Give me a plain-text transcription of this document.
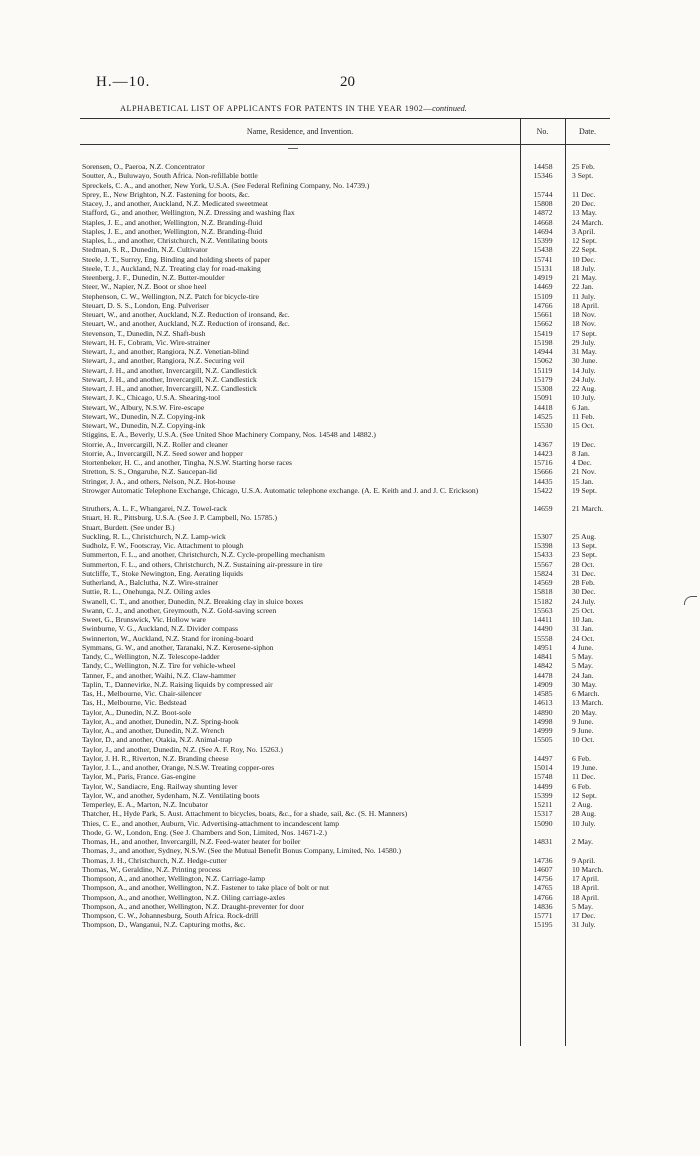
H.—10.	20
ALPHABETICAL LIST OF APPLICANTS FOR PATENTS IN THE YEAR 1902—continued.
Name, Residence, and Invention.	No.	Date.
Sorensen, O., Paeroa, N.Z. Concentrator	14458	25 Feb.
Soutter, A., Buluwayo, South Africa. Non-refillable bottle	15346	3 Sept.
Spreckels, C. A., and another, New York, U.S.A. (See Federal Refining Company, No. 14739.)
Sprey, E., New Brighton, N.Z. Fastening for boots, &c.	15744	11 Dec.
Stacey, J., and another, Auckland, N.Z. Medicated sweetmeat	15808	20 Dec.
Stafford, G., and another, Wellington, N.Z. Dressing and washing flax	14872	13 May.
Staples, J. E., and another, Wellington, N.Z. Branding-fluid	14668	24 March.
Staples, J. E., and another, Wellington, N.Z. Branding-fluid	14694	3 April.
Staples, L., and another, Christchurch, N.Z. Ventilating boots	15399	12 Sept.
Stedman, S. R., Dunedin, N.Z. Cultivator	15438	22 Sept.
Steele, J. T., Surrey, Eng. Binding and holding sheets of paper	15741	10 Dec.
Steele, T. J., Auckland, N.Z. Treating clay for road-making	15131	18 July.
Steenberg, J. F., Dunedin, N.Z. Butter-moulder	14919	21 May.
Steer, W., Napier, N.Z. Boot or shoe heel	14469	22 Jan.
Stephenson, C. W., Wellington, N.Z. Patch for bicycle-tire	15109	11 July.
Steuart, D. S. S., London, Eng. Pulveriser	14766	18 April.
Steuart, W., and another, Auckland, N.Z. Reduction of ironsand, &c.	15661	18 Nov.
Steuart, W., and another, Auckland, N.Z. Reduction of ironsand, &c.	15662	18 Nov.
Stevenson, T., Dunedin, N.Z. Shaft-bush	15419	17 Sept.
Stewart, H. F., Cobram, Vic. Wire-strainer	15198	29 July.
Stewart, J., and another, Rangiora, N.Z. Venetian-blind	14944	31 May.
Stewart, J., and another, Rangiora, N.Z. Securing veil	15062	30 June.
Stewart, J. H., and another, Invercargill, N.Z. Candlestick	15119	14 July.
Stewart, J. H., and another, Invercargill, N.Z. Candlestick	15179	24 July.
Stewart, J. H., and another, Invercargill, N.Z. Candlestick	15308	22 Aug.
Stewart, J. K., Chicago, U.S.A. Shearing-tool	15091	10 July.
Stewart, W., Albury, N.S.W. Fire-escape	14418	6 Jan.
Stewart, W., Dunedin, N.Z. Copying-ink	14525	11 Feb.
Stewart, W., Dunedin, N.Z. Copying-ink	15530	15 Oct.
Stiggins, E. A., Beverly, U.S.A. (See United Shoe Machinery Company, Nos. 14548 and 14882.)
Storrie, A., Invercargill, N.Z. Roller and cleaner	14367	19 Dec.
Storrie, A., Invercargill, N.Z. Seed sower and hopper	14423	8 Jan.
Stortenbeker, H. C., and another, Tingha, N.S.W. Starting horse races	15716	4 Dec.
Stretton, S. S., Ongaruhe, N.Z. Saucepan-lid	15666	21 Nov.
Stringer, J. A., and others, Nelson, N.Z. Hot-house	14435	15 Jan.
Strowger Automatic Telephone Exchange, Chicago, U.S.A. Automatic telephone exchange. (A. E. Keith and J. and J. C. Erickson)	15422	19 Sept.
Struthers, A. L. F., Whangarei, N.Z. Towel-rack	14659	21 March.
Stuart, H. R., Pittsburg, U.S.A. (See J. P. Campbell, No. 15785.)
Stuart, Burdett. (See under B.)
Suckling, R. L., Christchurch, N.Z. Lamp-wick	15307	25 Aug.
Sudholz, F. W., Footscray, Vic. Attachment to plough	15398	13 Sept.
Summerton, F. L., and another, Christchurch, N.Z. Cycle-propelling mechanism	15433	23 Sept.
Summerton, F. L., and others, Christchurch, N.Z. Sustaining air-pressure in tire	15567	28 Oct.
Sutcliffe, T., Stoke Newington, Eng. Aerating liquids	15824	31 Dec.
Sutherland, A., Balclutha, N.Z. Wire-strainer	14569	28 Feb.
Suttie, R. L., Onehunga, N.Z. Oiling axles	15818	30 Dec.
Swanell, C. T., and another, Dunedin, N.Z. Breaking clay in sluice boxes	15182	24 July.
Swann, C. J., and another, Greymouth, N.Z. Gold-saving screen	15563	25 Oct.
Sweet, G., Brunswick, Vic. Hollow ware	14411	10 Jan.
Swinburne, V. G., Auckland, N.Z. Divider compass	14490	31 Jan.
Swinnerton, W., Auckland, N.Z. Stand for ironing-board	15558	24 Oct.
Symmans, G. W., and another, Taranaki, N.Z. Kerosene-siphon	14951	4 June.
Tandy, C., Wellington, N.Z. Telescope-ladder	14841	5 May.
Tandy, C., Wellington, N.Z. Tire for vehicle-wheel	14842	5 May.
Tanner, F., and another, Waihi, N.Z. Claw-hammer	14478	24 Jan.
Taplin, T., Dannevirke, N.Z. Raising liquids by compressed air	14909	30 May.
Tas, H., Melbourne, Vic. Chair-silencer	14585	6 March.
Tas, H., Melbourne, Vic. Bedstead	14613	13 March.
Taylor, A., Dunedin, N.Z. Boot-sole	14890	20 May.
Taylor, A., and another, Dunedin, N.Z. Spring-hook	14998	9 June.
Taylor, A., and another, Dunedin, N.Z. Wrench	14999	9 June.
Taylor, D., and another, Otakia, N.Z. Animal-trap	15505	10 Oct.
Taylor, J., and another, Dunedin, N.Z. (See A. F. Roy, No. 15263.)
Taylor, J. H. R., Riverton, N.Z. Branding cheese	14497	6 Feb.
Taylor, J. L., and another, Orange, N.S.W. Treating copper-ores	15014	19 June.
Taylor, M., Paris, France. Gas-engine	15748	11 Dec.
Taylor, W., Sandiacre, Eng. Railway shunting lever	14499	6 Feb.
Taylor, W., and another, Sydenham, N.Z. Ventilating boots	15399	12 Sept.
Temperley, E. A., Marton, N.Z. Incubator	15211	2 Aug.
Thatcher, H., Hyde Park, S. Aust. Attachment to bicycles, boats, &c., for a shade, sail, &c. (S. H. Manners)	15317	28 Aug.
Thies, C. E., and another, Auburn, Vic. Advertising-attachment to incandescent lamp	15090	10 July.
Thode, G. W., London, Eng. (See J. Chambers and Son, Limited, Nos. 14671-2.)
Thomas, H., and another, Invercargill, N.Z. Feed-water heater for boiler	14831	2 May.
Thomas, J., and another, Sydney, N.S.W. (See the Mutual Benefit Bonus Company, Limited, No. 14580.)
Thomas, J. H., Christchurch, N.Z. Hedge-cutter	14736	9 April.
Thomas, W., Geraldine, N.Z. Printing process	14607	10 March.
Thompson, A., and another, Wellington, N.Z. Carriage-lamp	14756	17 April.
Thompson, A., and another, Wellington, N.Z. Fastener to take place of bolt or nut	14765	18 April.
Thompson, A., and another, Wellington, N.Z. Oiling carriage-axles	14766	18 April.
Thompson, A., and another, Wellington, N.Z. Draught-preventer for door	14836	5 May.
Thompson, C. W., Johannesburg, South Africa. Rock-drill	15771	17 Dec.
Thompson, D., Wanganui, N.Z. Capturing moths, &c.	15195	31 July.
